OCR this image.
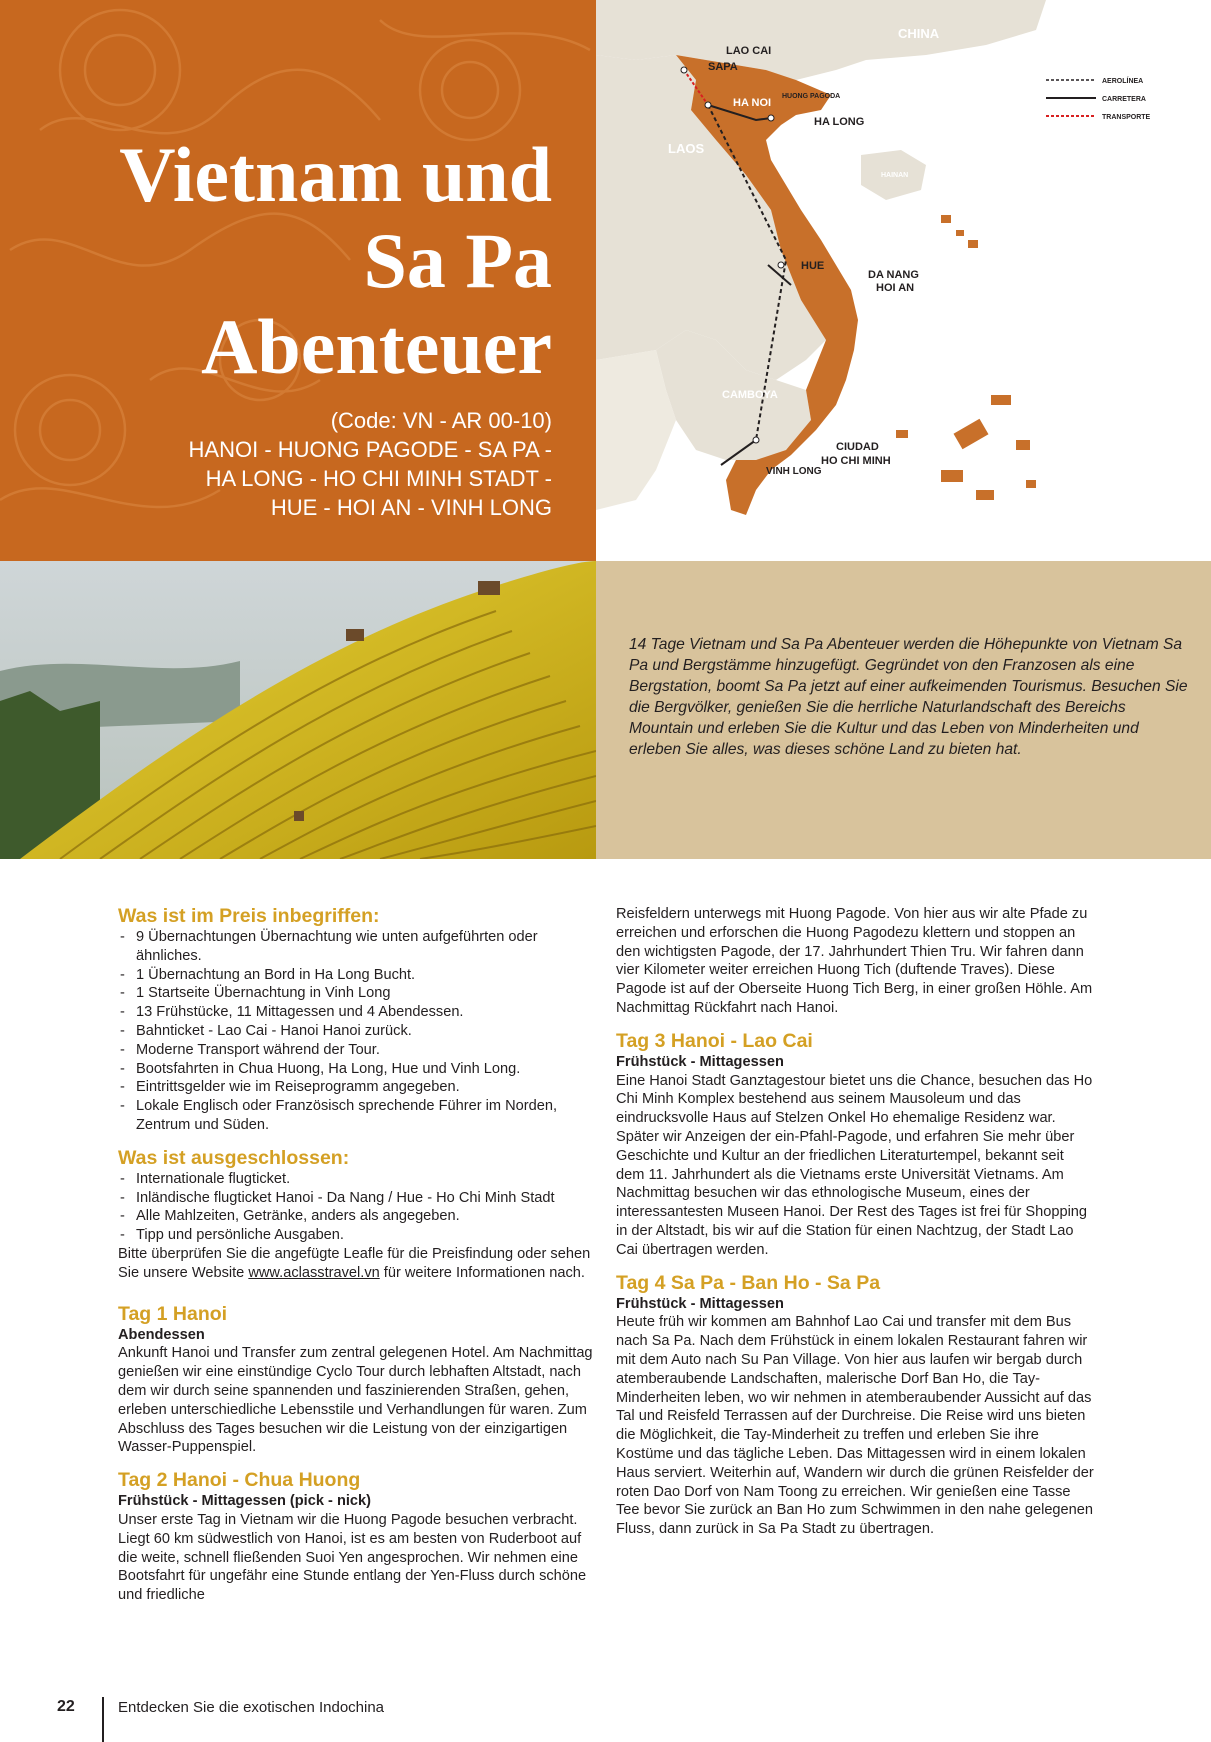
Vietnam und
Sa Pa
Abenteuer
(Code: VN - AR 00-10)
HANOI - HUONG PAGODE - SA PA -
HA LONG - HO CHI MINH STADT -
HUE - HOI AN - VINH LONG
CHINA
LAOS
CAMBOYA
HAINAN
LAO CAI
SAPA
HUONG PAGODA
HA NOI
HA LONG
HUE
DA NANG
HOI AN
CIUDAD
HO CHI MINH
VINH LONG
AEROLÍNEA
CARRETERA
TRANSPORTE

14 Tage Vietnam und Sa Pa Abenteuer werden die Höhepunkte von Vietnam Sa Pa und Bergstämme hinzugefügt. Gegründet von den Franzosen als eine Bergstation, boomt Sa Pa jetzt auf einer aufkeimenden Tourismus. Besuchen Sie die Bergvölker, genießen Sie die herrliche Naturlandschaft des Bereichs Mountain und erleben Sie die Kultur und das Leben von Minderheiten und erleben Sie alles, was dieses schöne Land zu bieten hat.

Was ist im Preis inbegriffen:
- 9 Übernachtungen Übernachtung wie unten aufgeführten oder ähnliches.
- 1 Übernachtung an Bord in Ha Long Bucht.
- 1 Startseite Übernachtung in Vinh Long
- 13 Frühstücke, 11 Mittagessen und 4 Abendessen.
- Bahnticket - Lao Cai - Hanoi Hanoi zurück.
- Moderne Transport während der Tour.
- Bootsfahrten in Chua Huong, Ha Long, Hue und Vinh Long.
- Eintrittsgelder wie im Reiseprogramm angegeben.
- Lokale Englisch oder Französisch sprechende Führer im Norden, Zentrum und Süden.
Was ist ausgeschlossen:
- Internationale flugticket.
- Inländische flugticket Hanoi - Da Nang / Hue - Ho Chi Minh Stadt
- Alle Mahlzeiten, Getränke, anders als angegeben.
- Tipp und persönliche Ausgaben.

Bitte überprüfen Sie die angefügte Leafle für die Preisfindung oder sehen Sie unsere Website www.aclasstravel.vn für weitere Informationen nach.

Tag 1 Hanoi
Abendessen

Ankunft Hanoi und Transfer zum zentral gelegenen Hotel. Am Nachmittag genießen wir eine einstündige Cyclo Tour durch lebhaften Altstadt, nach dem wir durch seine spannenden und faszinierenden Straßen, gehen, erleben unterschiedliche Lebensstile und Verhandlungen für waren. Zum Abschluss des Tages besuchen wir die Leistung von der einzigartigen Wasser-Puppenspiel.

Tag 2 Hanoi - Chua Huong
Frühstück - Mittagessen (pick - nick)

Unser erste Tag in Vietnam wir die Huong Pagode besuchen verbracht. Liegt 60 km südwestlich von Hanoi, ist es am besten von Ruderboot auf die weite, schnell fließenden Suoi Yen angesprochen. Wir nehmen eine Bootsfahrt für ungefähr eine Stunde entlang der Yen-Fluss durch schöne und friedliche

Reisfeldern unterwegs mit Huong Pagode. Von hier aus wir alte Pfade zu erreichen und erforschen die Huong Pagodezu klettern und stoppen an den wichtigsten Pagode, der 17. Jahrhundert Thien Tru. Wir fahren dann vier Kilometer weiter erreichen Huong Tich (duftende Traves). Diese Pagode ist auf der Oberseite Huong Tich Berg, in einer großen Höhle. Am Nachmittag Rückfahrt nach Hanoi.

Tag 3 Hanoi - Lao Cai
Frühstück - Mittagessen

Eine Hanoi Stadt Ganztagestour bietet uns die Chance, besuchen das Ho Chi Minh Komplex bestehend aus seinem Mausoleum und das eindrucksvolle Haus auf Stelzen Onkel Ho ehemalige Residenz war. Später wir Anzeigen der ein-Pfahl-Pagode, und erfahren Sie mehr über Geschichte und Kultur an der friedlichen Literaturtempel, bekannt seit dem 11. Jahrhundert als die Vietnams erste Universität Vietnams. Am Nachmittag besuchen wir das ethnologische Museum, eines der interessantesten Museen Hanoi. Der Rest des Tages ist frei für Shopping in der Altstadt, bis wir auf die Station für einen Nachtzug, der Stadt Lao Cai übertragen werden.

Tag 4 Sa Pa - Ban Ho - Sa Pa
Frühstück - Mittagessen

Heute früh wir kommen am Bahnhof Lao Cai und transfer mit dem Bus nach Sa Pa. Nach dem Frühstück in einem lokalen Restaurant fahren wir mit dem Auto nach Su Pan Village. Von hier aus laufen wir bergab durch atemberaubende Landschaften, malerische Dorf Ban Ho, die Tay-Minderheiten leben, wo wir nehmen in atemberaubender Aussicht auf das Tal und Reisfeld Terrassen auf der Durchreise. Die Reise wird uns bieten die Möglichkeit, die Tay-Minderheit zu treffen und erleben Sie ihre Kostüme und das tägliche Leben. Das Mittagessen wird in einem lokalen Haus serviert. Weiterhin auf, Wandern wir durch die grünen Reisfelder der roten Dao Dorf von Nam Toong zu erreichen. Wir genießen eine Tasse Tee bevor Sie zurück an Ban Ho zum Schwimmen in den nahe gelegenen Fluss, dann zurück in Sa Pa Stadt zu übertragen.

22	Entdecken Sie die exotischen Indochina
